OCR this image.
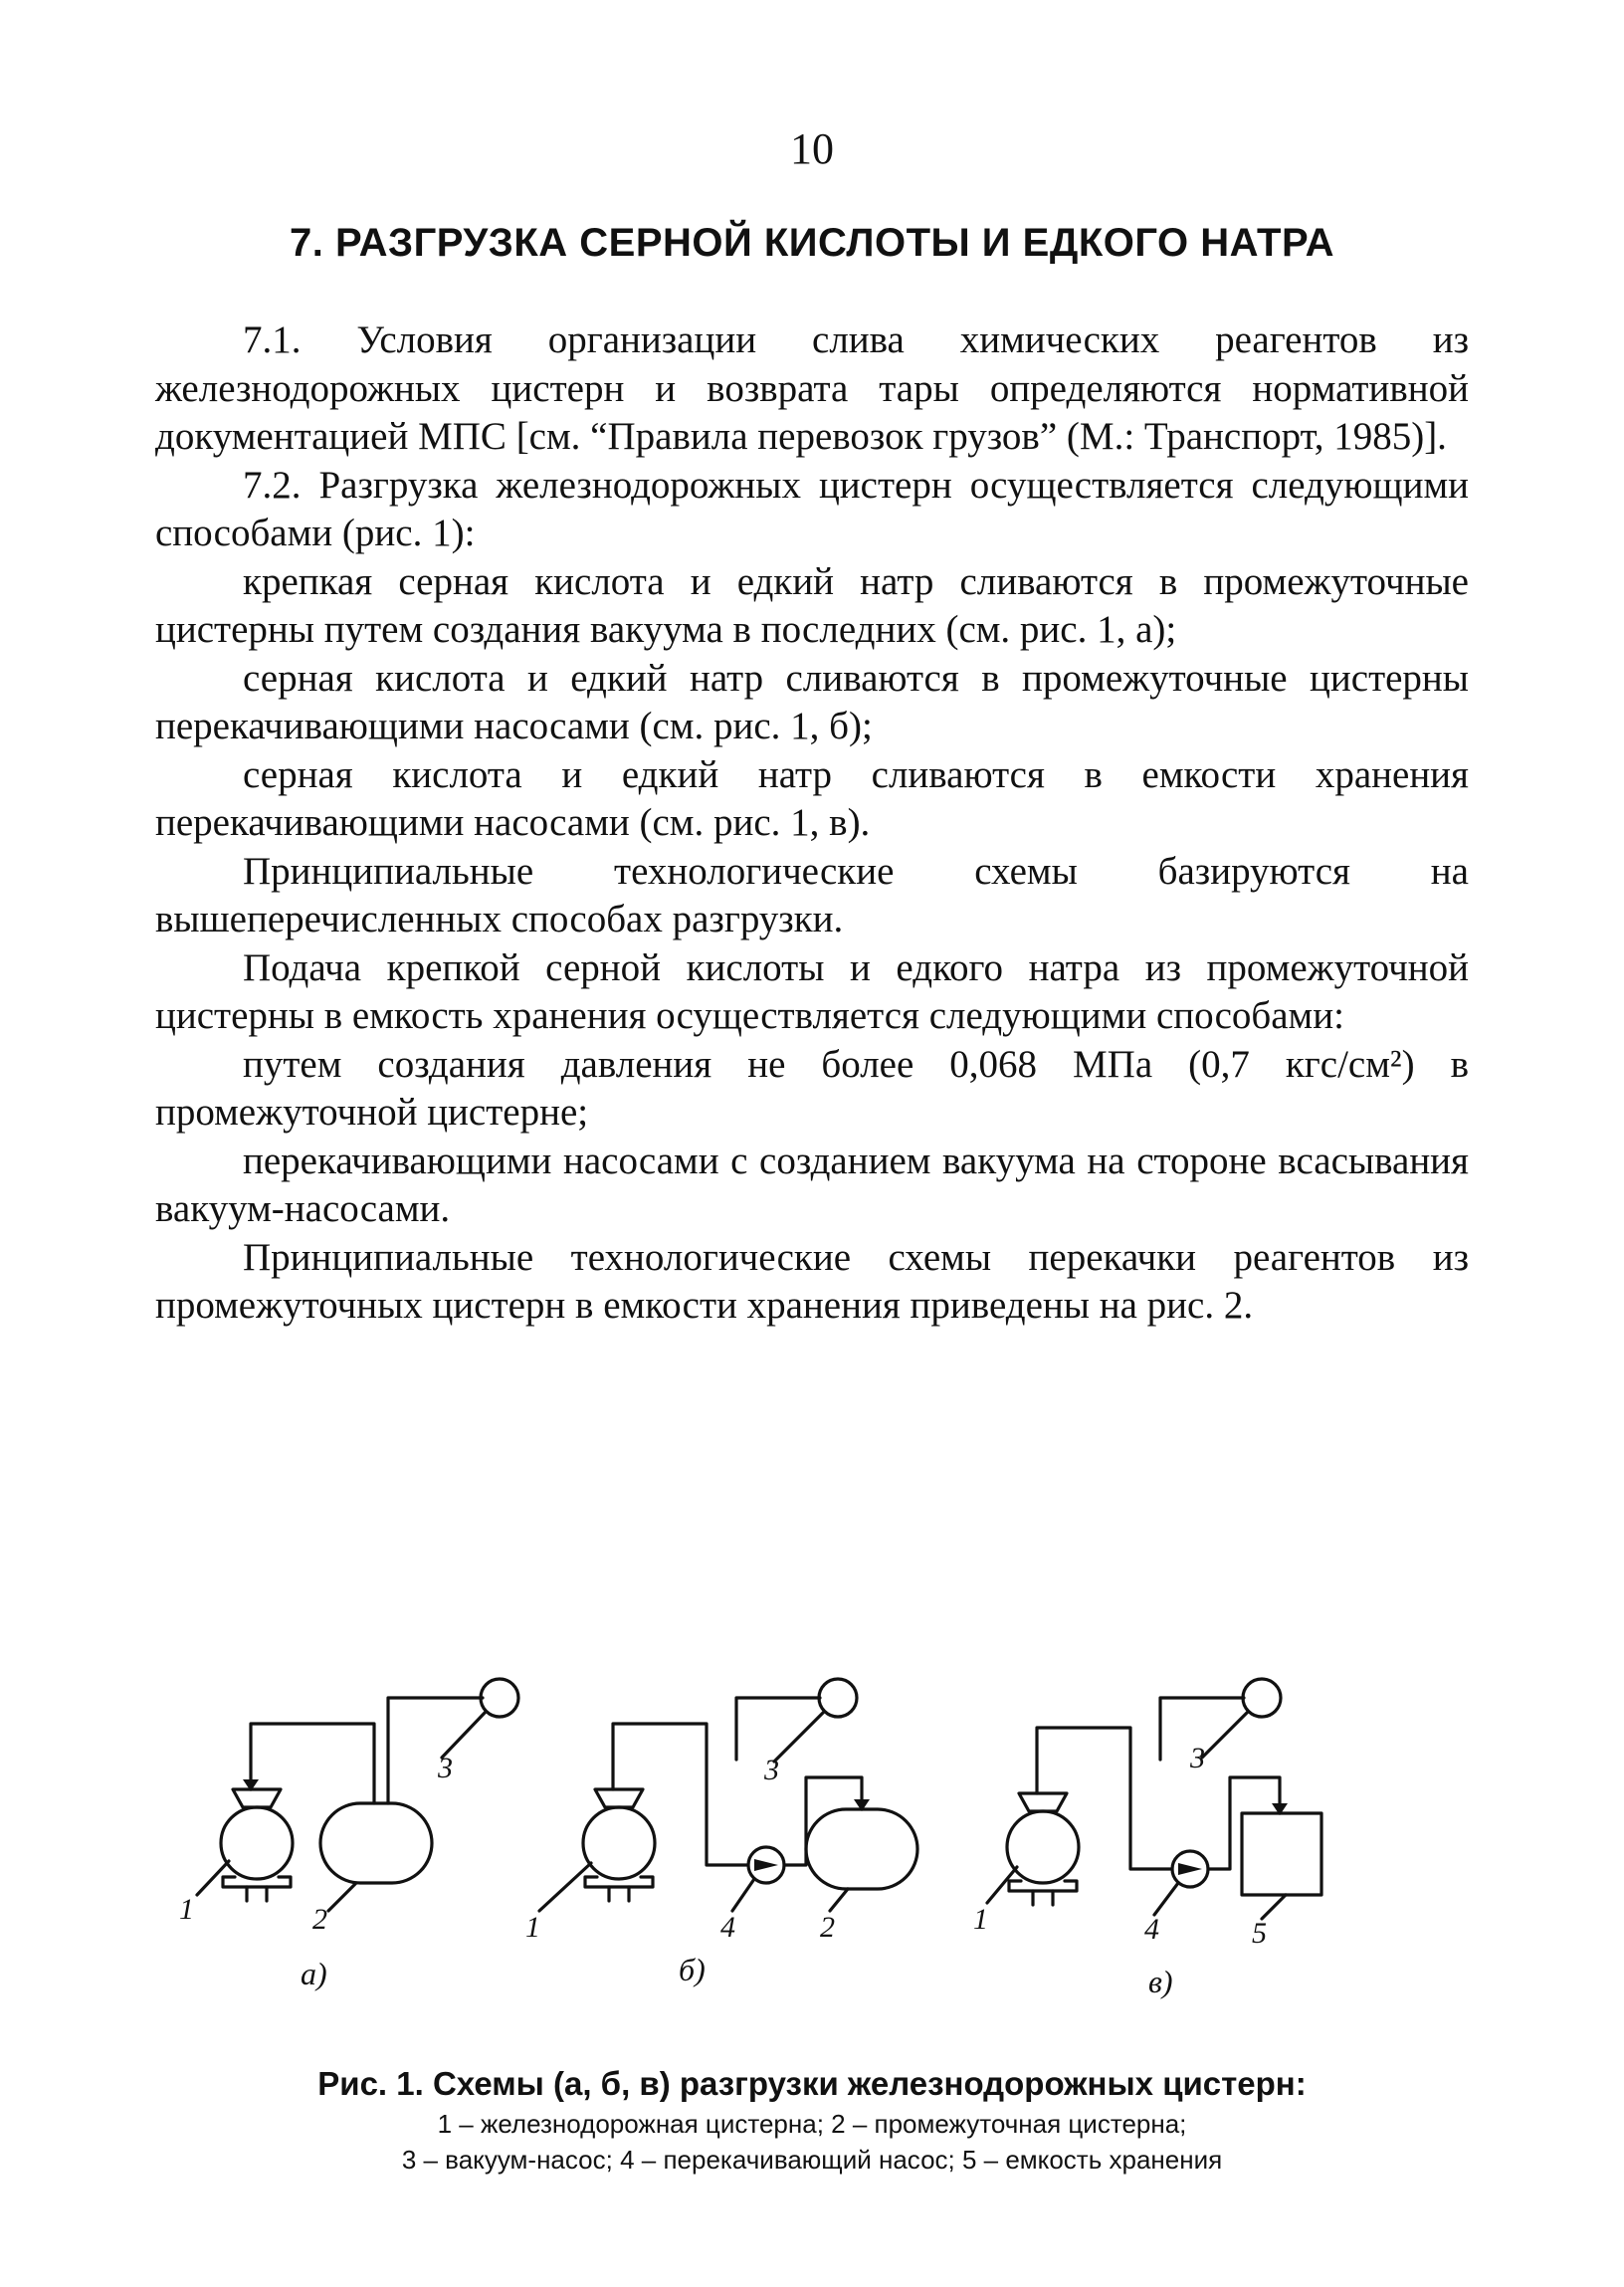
10
7. РАЗГРУЗКА СЕРНОЙ КИСЛОТЫ И ЕДКОГО НАТРА

7.1. Условия организации слива химических реагентов из железнодорожных цистерн и возврата тары определяются нормативной документацией МПС [см. “Правила перевозок грузов” (М.: Транспорт, 1985)].

7.2. Разгрузка железнодорожных цистерн осуществляется следующими способами (рис. 1):

крепкая серная кислота и едкий натр сливаются в промежуточные цистерны путем создания вакуума в последних (см. рис. 1, а);

серная кислота и едкий натр сливаются в промежуточные цистерны перекачивающими насосами (см. рис. 1, б);

серная кислота и едкий натр сливаются в емкости хранения перекачивающими насосами (см. рис. 1, в).

Принципиальные технологические схемы базируются на вышеперечисленных способах разгрузки.

Подача крепкой серной кислоты и едкого натра из промежуточной цистерны в емкость хранения осуществляется следующими способами:

путем создания давления не более 0,068 МПа (0,7 кгс/см²) в промежуточной цистерне;

перекачивающими насосами с созданием вакуума на стороне всасывания вакуум-насосами.

Принципиальные технологические схемы перекачки реагентов из промежуточных цистерн в емкости хранения приведены на рис. 2.

3
1	2
а)
3
1	4	2
б)
3
1	4	5
в)
Рис. 1. Схемы (а, б, в) разгрузки железнодорожных цистерн:
1 – железнодорожная цистерна; 2 – промежуточная цистерна;
3 – вакуум-насос; 4 – перекачивающий насос; 5 – емкость хранения
